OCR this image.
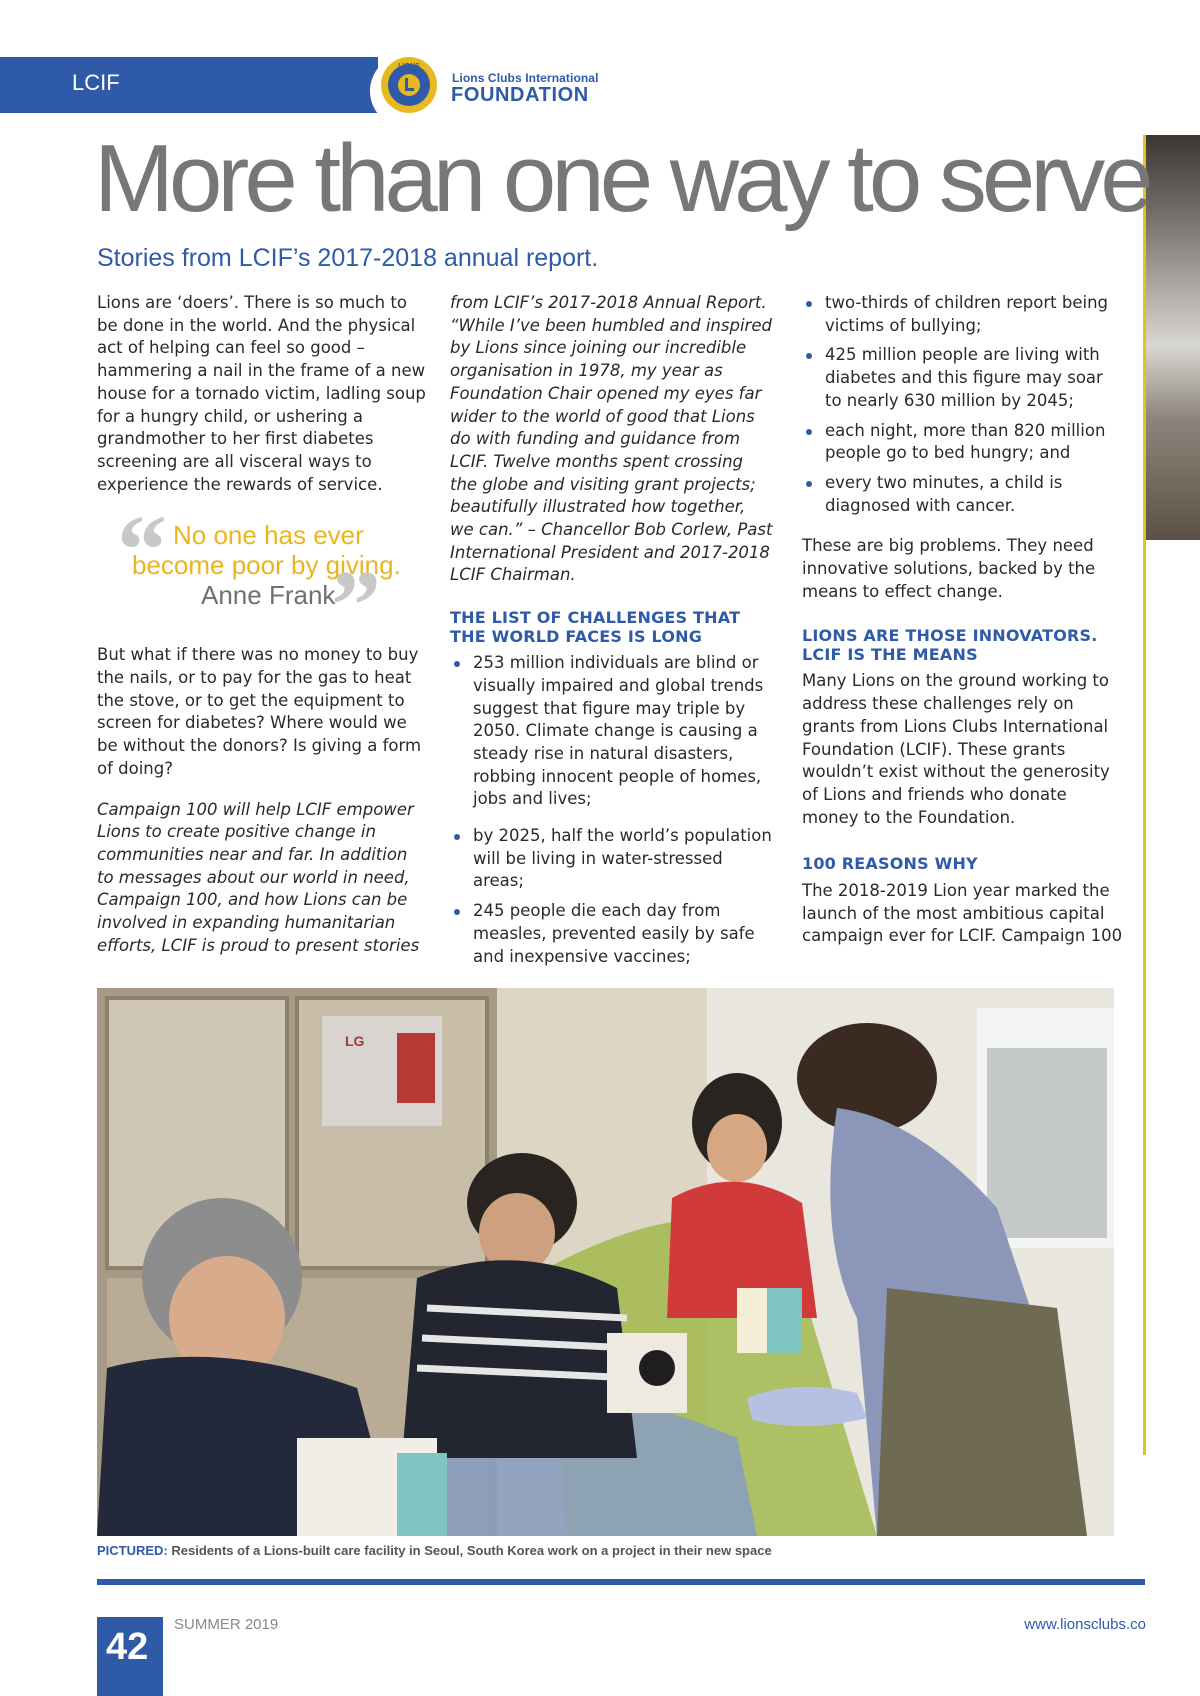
LCIF
LIONS
Lions Clubs International
FOUNDATION
More than one way to serve
Stories from LCIF’s 2017-2018 annual report.

Lions are ‘doers’. There is so much to be done in the world. And the physical act of helping can feel so good – hammering a nail in the frame of a new house for a tornado victim, ladling soup for a hungry child, or ushering a grandmother to her first diabetes screening are all visceral ways to experience the rewards of service.

“ No one has ever
become poor by giving.
Anne Frank
”

But what if there was no money to buy the nails, or to pay for the gas to heat the stove, or to get the equipment to screen for diabetes? Where would we be without the donors? Is giving a form of doing?

Campaign 100 will help LCIF empower Lions to create positive change in communities near and far. In addition to messages about our world in need, Campaign 100, and how Lions can be involved in expanding humanitarian efforts, LCIF is proud to present stories

from LCIF’s 2017-2018 Annual Report. “While I’ve been humbled and inspired by Lions since joining our incredible organisation in 1978, my year as Foundation Chair opened my eyes far wider to the world of good that Lions do with funding and guidance from LCIF. Twelve months spent crossing the globe and visiting grant projects; beautifully illustrated how together, we can.” – Chancellor Bob Corlew, Past International President and 2017-2018 LCIF Chairman.

THE LIST OF CHALLENGES THAT THE WORLD FACES IS LONG
253 million individuals are blind or visually impaired and global trends suggest that figure may triple by 2050. Climate change is causing a steady rise in natural disasters, robbing innocent people of homes, jobs and lives;
by 2025, half the world’s population will be living in water-stressed areas;
245 people die each day from measles, prevented easily by safe and inexpensive vaccines;
two-thirds of children report being victims of bullying;
425 million people are living with diabetes and this figure may soar to nearly 630 million by 2045;
each night, more than 820 million people go to bed hungry; and
every two minutes, a child is diagnosed with cancer.

These are big problems. They need innovative solutions, backed by the means to effect change.

LIONS ARE THOSE INNOVATORS. LCIF IS THE MEANS

Many Lions on the ground working to address these challenges rely on grants from Lions Clubs International Foundation (LCIF). These grants wouldn’t exist without the generosity of Lions and friends who donate money to the Foundation.

100 REASONS WHY

The 2018-2019 Lion year marked the launch of the most ambitious capital campaign ever for LCIF. Campaign 100

LG
PICTURED: Residents of a Lions-built care facility in Seoul, South Korea work on a project in their new space
42
SUMMER 2019	www.lionsclubs.co
